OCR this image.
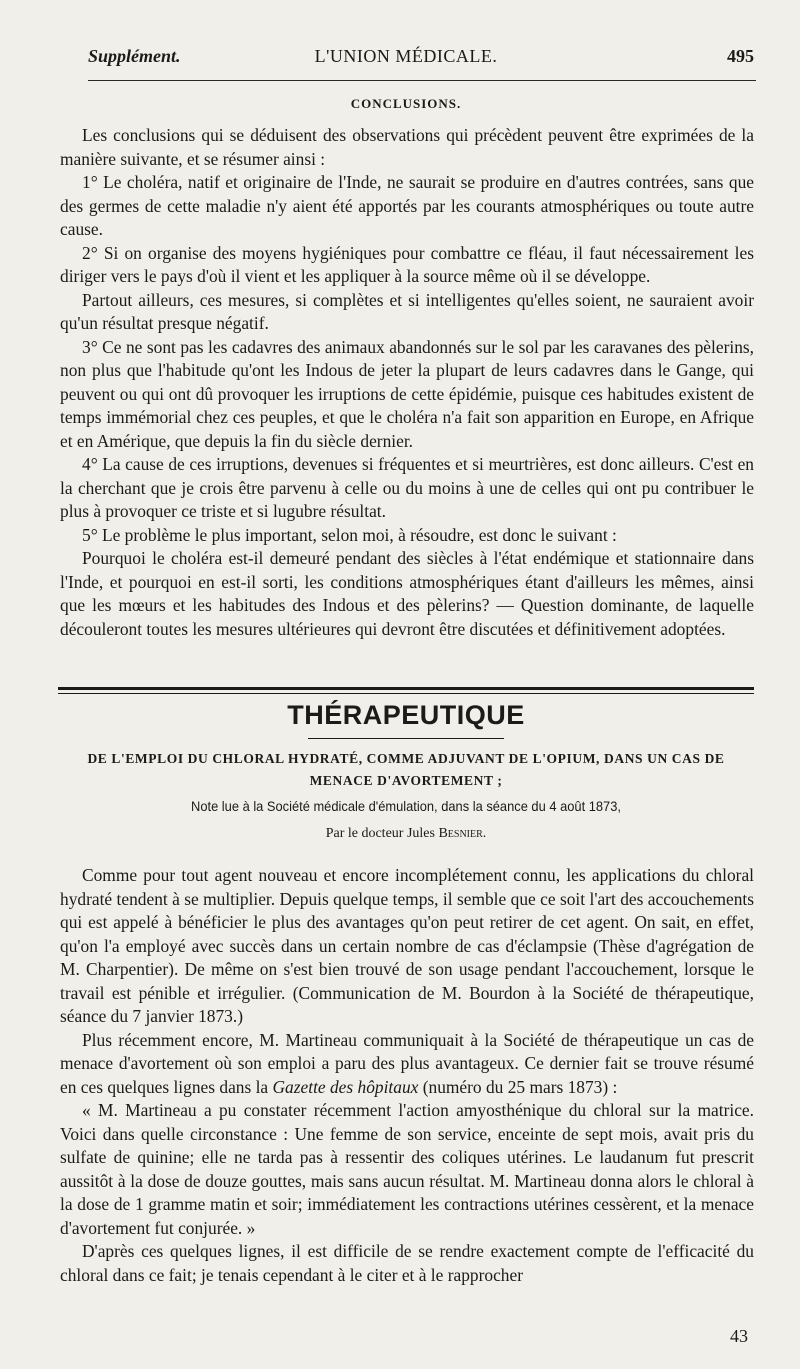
Supplément.	L'UNION MÉDICALE.	495
CONCLUSIONS.

Les conclusions qui se déduisent des observations qui précèdent peuvent être exprimées de la manière suivante, et se résumer ainsi :

1° Le choléra, natif et originaire de l'Inde, ne saurait se produire en d'autres contrées, sans que des germes de cette maladie n'y aient été apportés par les courants atmosphériques ou toute autre cause.

2° Si on organise des moyens hygiéniques pour combattre ce fléau, il faut nécessairement les diriger vers le pays d'où il vient et les appliquer à la source même où il se développe.

Partout ailleurs, ces mesures, si complètes et si intelligentes qu'elles soient, ne sauraient avoir qu'un résultat presque négatif.

3° Ce ne sont pas les cadavres des animaux abandonnés sur le sol par les caravanes des pèlerins, non plus que l'habitude qu'ont les Indous de jeter la plupart de leurs cadavres dans le Gange, qui peuvent ou qui ont dû provoquer les irruptions de cette épidémie, puisque ces habitudes existent de temps immémorial chez ces peuples, et que le choléra n'a fait son apparition en Europe, en Afrique et en Amérique, que depuis la fin du siècle dernier.

4° La cause de ces irruptions, devenues si fréquentes et si meurtrières, est donc ailleurs. C'est en la cherchant que je crois être parvenu à celle ou du moins à une de celles qui ont pu contribuer le plus à provoquer ce triste et si lugubre résultat.

5° Le problème le plus important, selon moi, à résoudre, est donc le suivant :

Pourquoi le choléra est-il demeuré pendant des siècles à l'état endémique et stationnaire dans l'Inde, et pourquoi en est-il sorti, les conditions atmosphériques étant d'ailleurs les mêmes, ainsi que les mœurs et les habitudes des Indous et des pèlerins? — Question dominante, de laquelle découleront toutes les mesures ultérieures qui devront être discutées et définitivement adoptées.

THÉRAPEUTIQUE
DE L'EMPLOI DU CHLORAL HYDRATÉ, COMME ADJUVANT DE L'OPIUM, DANS UN CAS DE
MENACE D'AVORTEMENT ;
Note lue à la Société médicale d'émulation, dans la séance du 4 août 1873,
Par le docteur Jules Besnier.

Comme pour tout agent nouveau et encore incomplétement connu, les applications du chloral hydraté tendent à se multiplier. Depuis quelque temps, il semble que ce soit l'art des accouchements qui est appelé à bénéficier le plus des avantages qu'on peut retirer de cet agent. On sait, en effet, qu'on l'a employé avec succès dans un certain nombre de cas d'éclampsie (Thèse d'agrégation de M. Charpentier). De même on s'est bien trouvé de son usage pendant l'accouchement, lorsque le travail est pénible et irrégulier. (Communication de M. Bourdon à la Société de thérapeutique, séance du 7 janvier 1873.)

Plus récemment encore, M. Martineau communiquait à la Société de thérapeutique un cas de menace d'avortement où son emploi a paru des plus avantageux. Ce dernier fait se trouve résumé en ces quelques lignes dans la Gazette des hôpitaux (numéro du 25 mars 1873) :

« M. Martineau a pu constater récemment l'action amyosthénique du chloral sur la matrice. Voici dans quelle circonstance : Une femme de son service, enceinte de sept mois, avait pris du sulfate de quinine; elle ne tarda pas à ressentir des coliques utérines. Le laudanum fut prescrit aussitôt à la dose de douze gouttes, mais sans aucun résultat. M. Martineau donna alors le chloral à la dose de 1 gramme matin et soir; immédiatement les contractions utérines cessèrent, et la menace d'avortement fut conjurée. »

D'après ces quelques lignes, il est difficile de se rendre exactement compte de l'efficacité du chloral dans ce fait; je tenais cependant à le citer et à le rapprocher

43
